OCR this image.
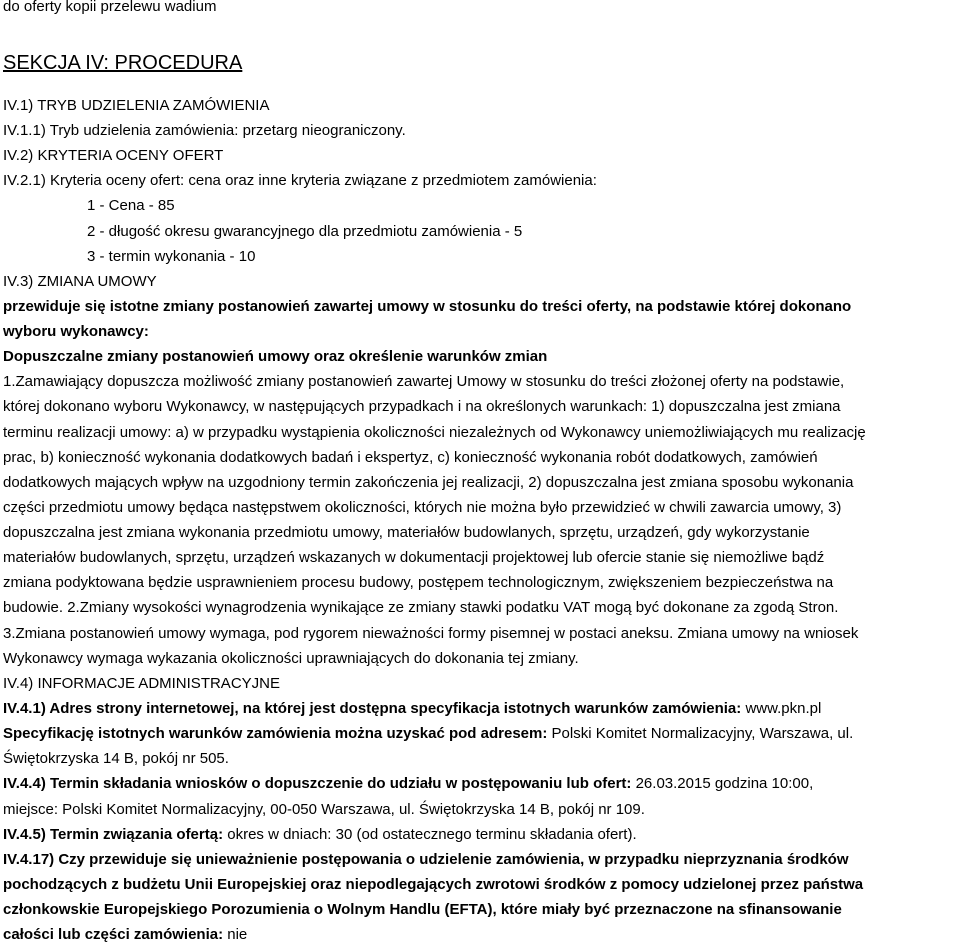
do oferty kopii przelewu wadium
SEKCJA IV: PROCEDURA
IV.1) TRYB UDZIELENIA ZAMÓWIENIA
IV.1.1) Tryb udzielenia zamówienia: przetarg nieograniczony.
IV.2) KRYTERIA OCENY OFERT
IV.2.1) Kryteria oceny ofert: cena oraz inne kryteria związane z przedmiotem zamówienia:
1 - Cena - 85
2 - długość okresu gwarancyjnego dla przedmiotu zamówienia - 5
3 - termin wykonania - 10
IV.3) ZMIANA UMOWY
przewiduje się istotne zmiany postanowień zawartej umowy w stosunku do treści oferty, na podstawie której dokonano
wyboru wykonawcy:
Dopuszczalne zmiany postanowień umowy oraz określenie warunków zmian
1.Zamawiający dopuszcza możliwość zmiany postanowień zawartej Umowy w stosunku do treści złożonej oferty na podstawie,
której dokonano wyboru Wykonawcy, w następujących przypadkach i na określonych warunkach: 1) dopuszczalna jest zmiana
terminu realizacji umowy: a) w przypadku wystąpienia okoliczności niezależnych od Wykonawcy uniemożliwiających mu realizację
prac, b) konieczność wykonania dodatkowych badań i ekspertyz, c) konieczność wykonania robót dodatkowych, zamówień
dodatkowych mających wpływ na uzgodniony termin zakończenia jej realizacji, 2) dopuszczalna jest zmiana sposobu wykonania
części przedmiotu umowy będąca następstwem okoliczności, których nie można było przewidzieć w chwili zawarcia umowy, 3)
dopuszczalna jest zmiana wykonania przedmiotu umowy, materiałów budowlanych, sprzętu, urządzeń, gdy wykorzystanie
materiałów budowlanych, sprzętu, urządzeń wskazanych w dokumentacji projektowej lub ofercie stanie się niemożliwe bądź
zmiana podyktowana będzie usprawnieniem procesu budowy, postępem technologicznym, zwiększeniem bezpieczeństwa na
budowie. 2.Zmiany wysokości wynagrodzenia wynikające ze zmiany stawki podatku VAT mogą być dokonane za zgodą Stron.
3.Zmiana postanowień umowy wymaga, pod rygorem nieważności formy pisemnej w postaci aneksu. Zmiana umowy na wniosek
Wykonawcy wymaga wykazania okoliczności uprawniających do dokonania tej zmiany.
IV.4) INFORMACJE ADMINISTRACYJNE
IV.4.1) Adres strony internetowej, na której jest dostępna specyfikacja istotnych warunków zamówienia: www.pkn.pl
Specyfikację istotnych warunków zamówienia można uzyskać pod adresem: Polski Komitet Normalizacyjny, Warszawa, ul.
Świętokrzyska 14 B, pokój nr 505.
IV.4.4) Termin składania wniosków o dopuszczenie do udziału w postępowaniu lub ofert: 26.03.2015 godzina 10:00,
miejsce: Polski Komitet Normalizacyjny, 00-050 Warszawa, ul. Świętokrzyska 14 B, pokój nr 109.
IV.4.5) Termin związania ofertą: okres w dniach: 30 (od ostatecznego terminu składania ofert).
IV.4.17) Czy przewiduje się unieważnienie postępowania o udzielenie zamówienia, w przypadku nieprzyznania środków
pochodzących z budżetu Unii Europejskiej oraz niepodlegających zwrotowi środków z pomocy udzielonej przez państwa
członkowskie Europejskiego Porozumienia o Wolnym Handlu (EFTA), które miały być przeznaczone na sfinansowanie
całości lub części zamówienia: nie
